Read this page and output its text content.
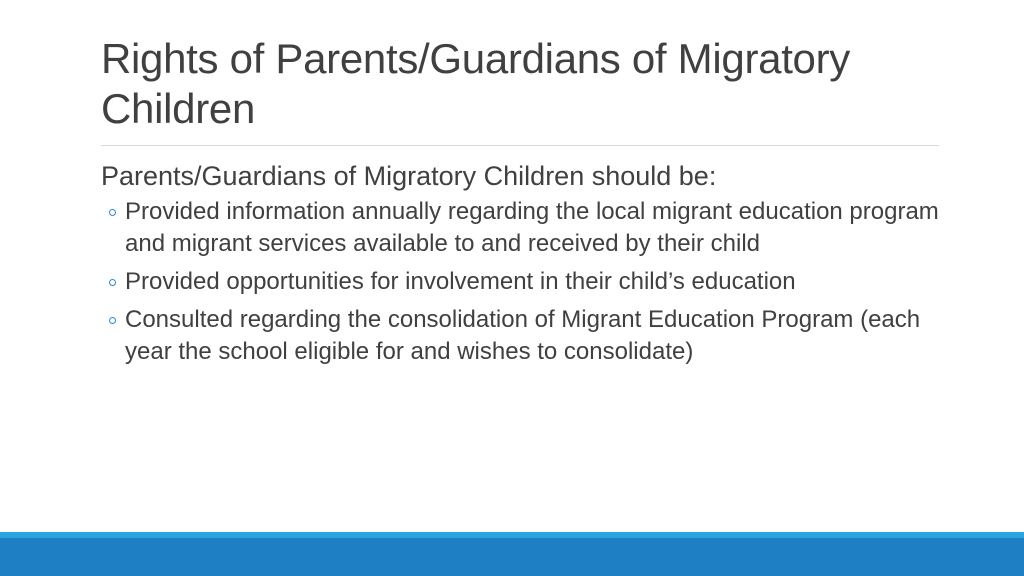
Rights of Parents/Guardians of Migratory Children

Parents/Guardians of Migratory Children should be:

Provided information annually regarding the local migrant education program and migrant services available to and received by their child
Provided opportunities for involvement in their child’s education
Consulted regarding the consolidation of Migrant Education Program (each year the school eligible for and wishes to consolidate)
